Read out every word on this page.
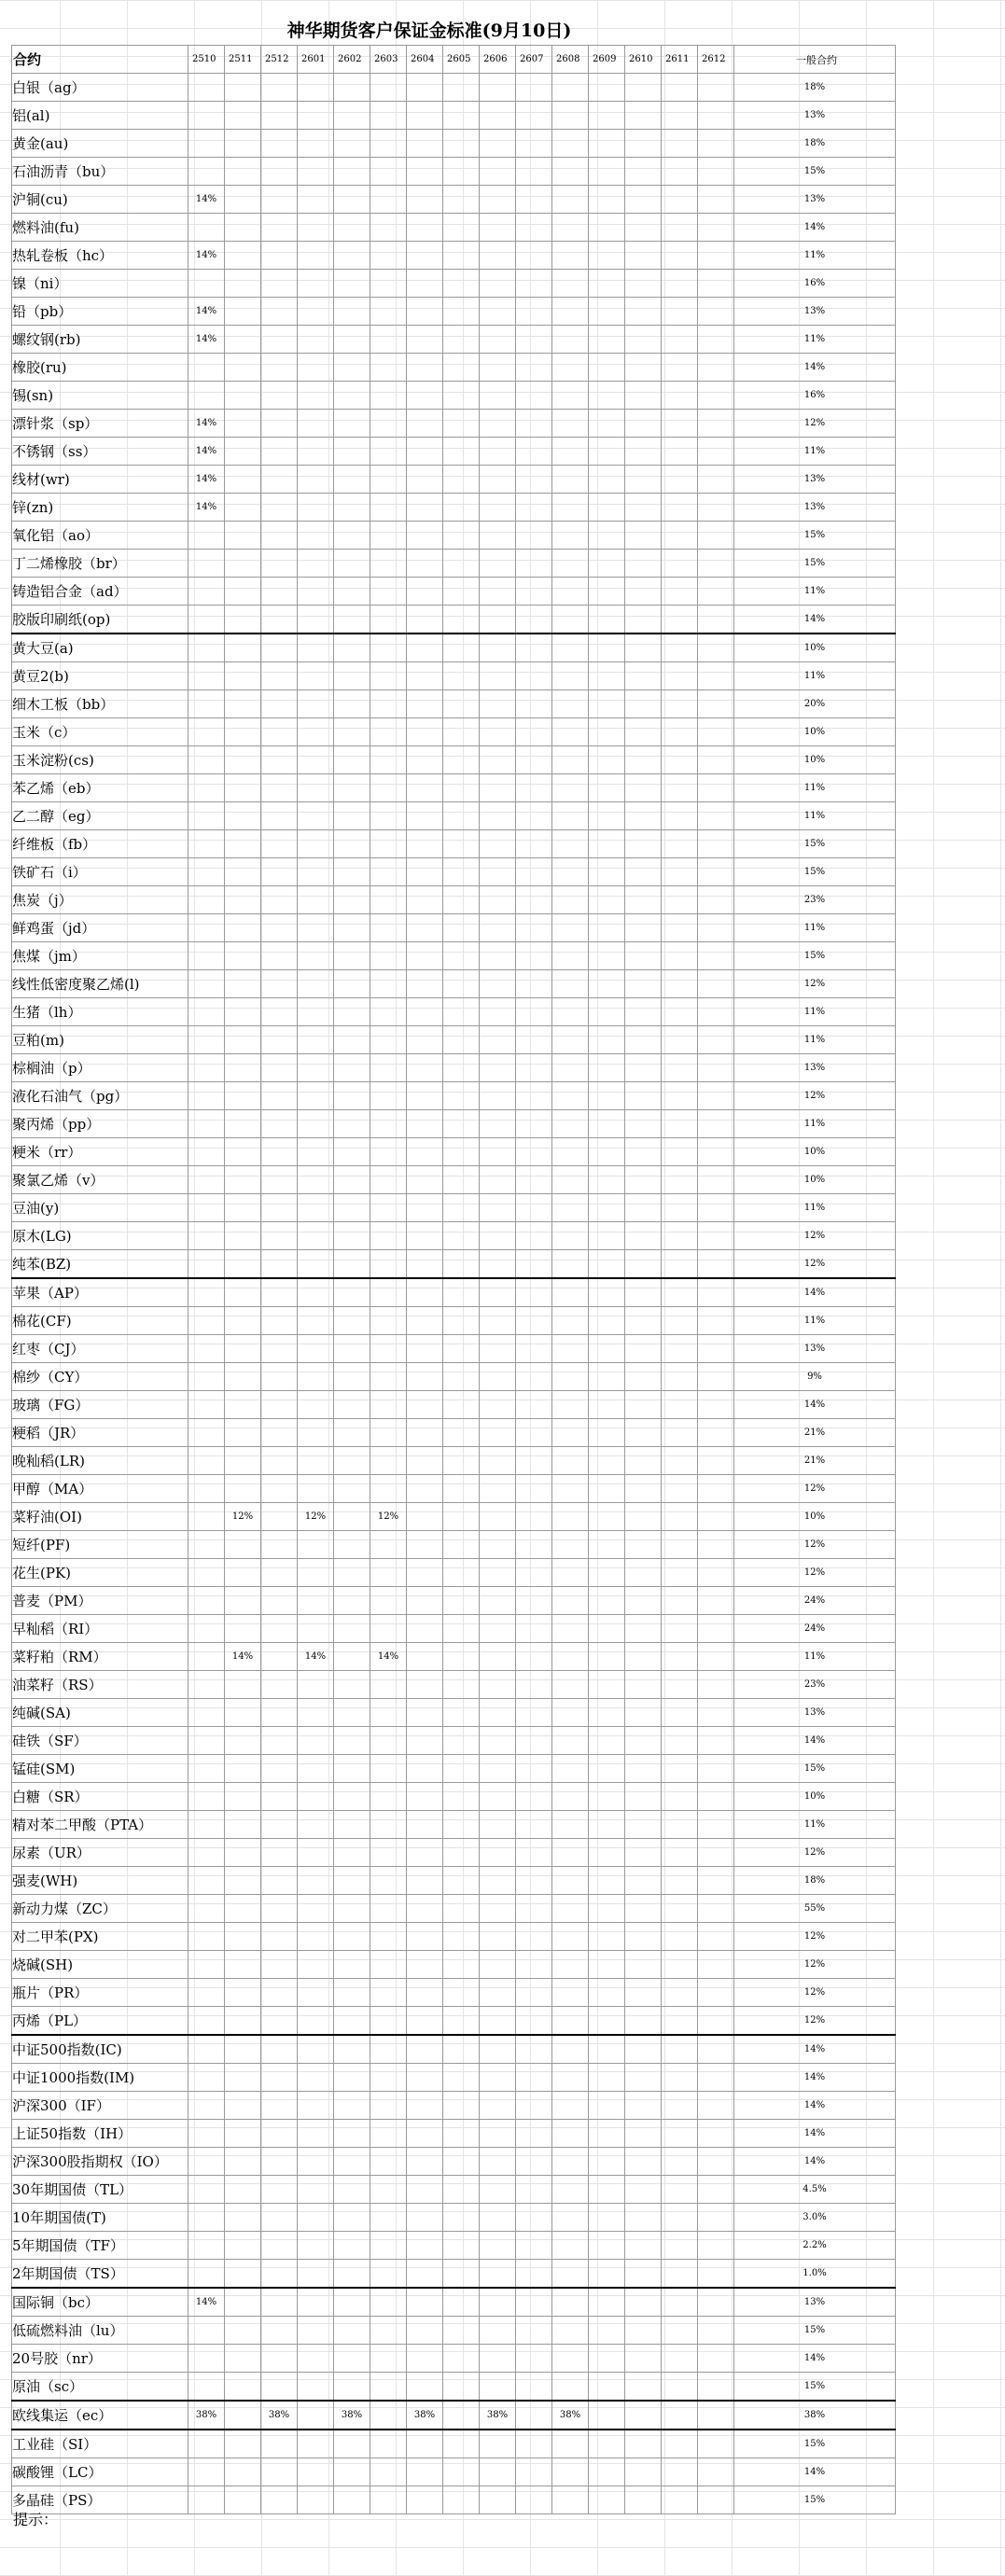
神华期货客户保证金标准(9月10日)
合约	2510	2511	2512	2601	2602	2603	2604	2605	2606	2607	2608	2609	2610	2611	2612	一般合约
白银（ag）																18%
铝(al)																13%
黄金(au)																18%
石油沥青（bu）																15%
沪铜(cu)	14%															13%
燃料油(fu)																14%
热轧卷板（hc）	14%															11%
镍（ni）																16%
铅（pb）	14%															13%
螺纹钢(rb)	14%															11%
橡胶(ru)																14%
锡(sn)																16%
漂针浆（sp）	14%															12%
不锈钢（ss）	14%															11%
线材(wr)	14%															13%
锌(zn)	14%															13%
氧化铝（ao）																15%
丁二烯橡胶（br）																15%
铸造铝合金（ad）																11%
胶版印刷纸(op)																14%
黄大豆(a)																10%
黄豆2(b)																11%
细木工板（bb）																20%
玉米（c）																10%
玉米淀粉(cs)																10%
苯乙烯（eb）																11%
乙二醇（eg）																11%
纤维板（fb）																15%
铁矿石（i）																15%
焦炭（j）																23%
鲜鸡蛋（jd）																11%
焦煤（jm）																15%
线性低密度聚乙烯(l)																12%
生猪（lh）																11%
豆粕(m)																11%
棕榈油（p）																13%
液化石油气（pg）																12%
聚丙烯（pp）																11%
粳米（rr）																10%
聚氯乙烯（v）																10%
豆油(y)																11%
原木(LG)																12%
纯苯(BZ)																12%
苹果（AP）																14%
棉花(CF)																11%
红枣（CJ）																13%
棉纱（CY）																9%
玻璃（FG）																14%
粳稻（JR）																21%
晚籼稻(LR)																21%
甲醇（MA）																12%
菜籽油(OI)		12%		12%		12%										10%
短纤(PF)																12%
花生(PK)																12%
普麦（PM）																24%
早籼稻（RI）																24%
菜籽粕（RM）		14%		14%		14%										11%
油菜籽（RS）																23%
纯碱(SA)																13%
硅铁（SF）																14%
锰硅(SM)																15%
白糖（SR）																10%
精对苯二甲酸（PTA）																11%
尿素（UR）																12%
强麦(WH)																18%
新动力煤（ZC）																55%
对二甲苯(PX)																12%
烧碱(SH)																12%
瓶片（PR）																12%
丙烯（PL）																12%
中证500指数(IC)																14%
中证1000指数(IM)																14%
沪深300（IF）																14%
上证50指数（IH）																14%
沪深300股指期权（IO）																14%
30年期国债（TL）																4.5%
10年期国债(T)																3.0%
5年期国债（TF）																2.2%
2年期国债（TS）																1.0%
国际铜（bc）	14%															13%
低硫燃料油（lu）																15%
20号胶（nr）																14%
原油（sc）																15%
欧线集运（ec）	38%		38%		38%		38%		38%		38%					38%
工业硅（SI）																15%
碳酸锂（LC）																14%
多晶硅（PS）																15%
提示：
